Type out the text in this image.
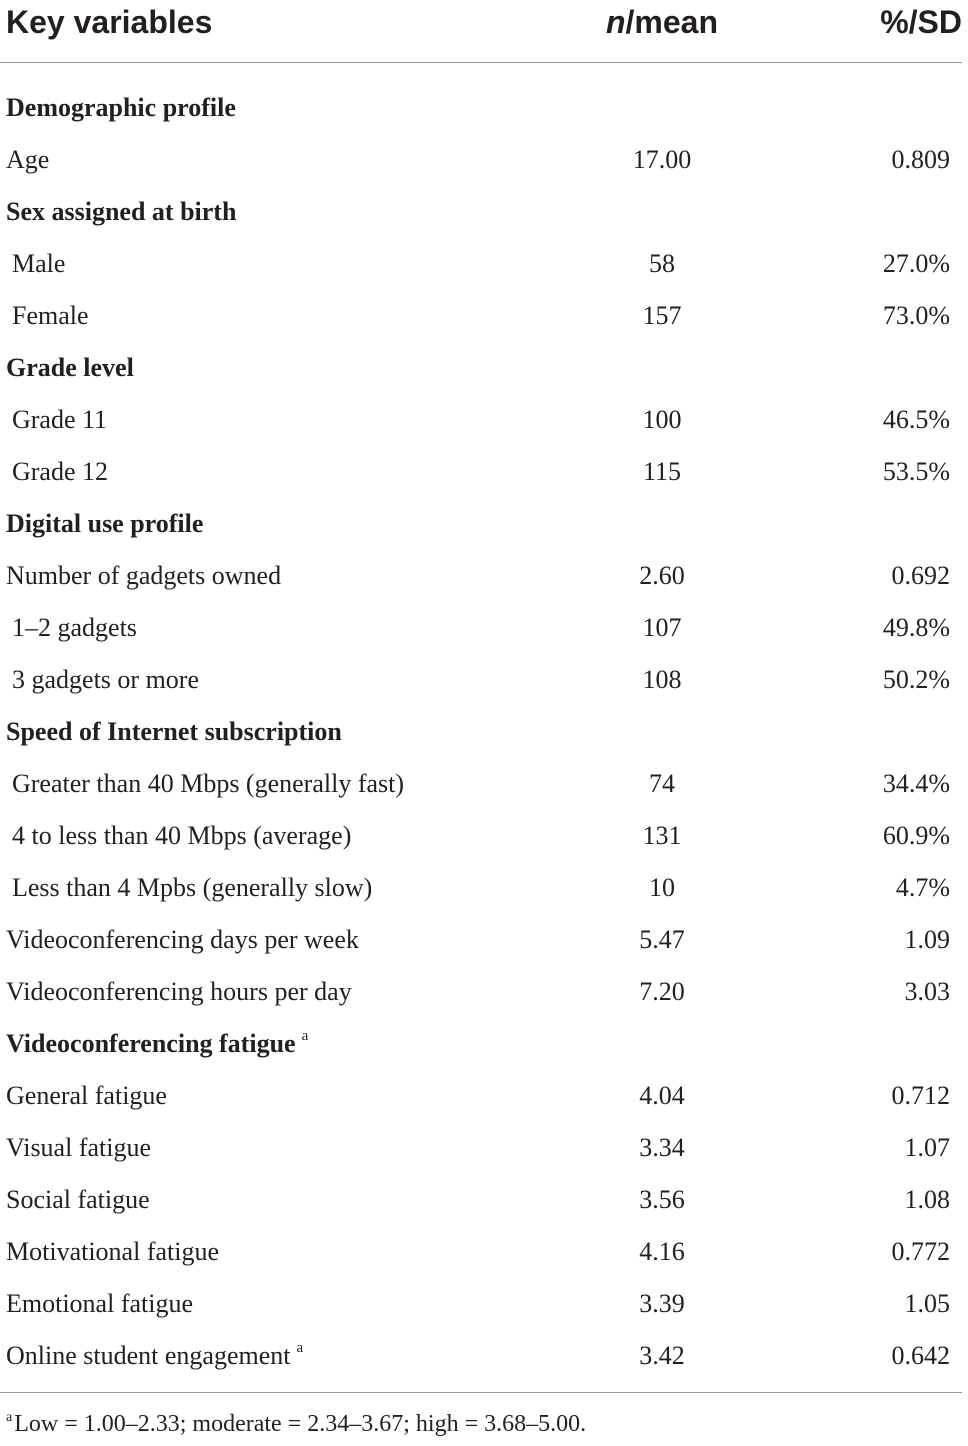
Key variables	n/mean	%/SD
Demographic profile
Age	17.00	0.809
Sex assigned at birth
Male	58	27.0%
Female	157	73.0%
Grade level
Grade 11	100	46.5%
Grade 12	115	53.5%
Digital use profile
Number of gadgets owned	2.60	0.692
1–2 gadgets	107	49.8%
3 gadgets or more	108	50.2%
Speed of Internet subscription
Greater than 40 Mbps (generally fast)	74	34.4%
4 to less than 40 Mbps (average)	131	60.9%
Less than 4 Mpbs (generally slow)	10	4.7%
Videoconferencing days per week	5.47	1.09
Videoconferencing hours per day	7.20	3.03
Videoconferencing fatigue $^a$
General fatigue	4.04	0.712
Visual fatigue	3.34	1.07
Social fatigue	3.56	1.08
Motivational fatigue	4.16	0.772
Emotional fatigue	3.39	1.05
Online student engagement $^a$	3.42	0.642
$^a$Low = 1.00–2.33; moderate = 2.34–3.67; high = 3.68–5.00.
